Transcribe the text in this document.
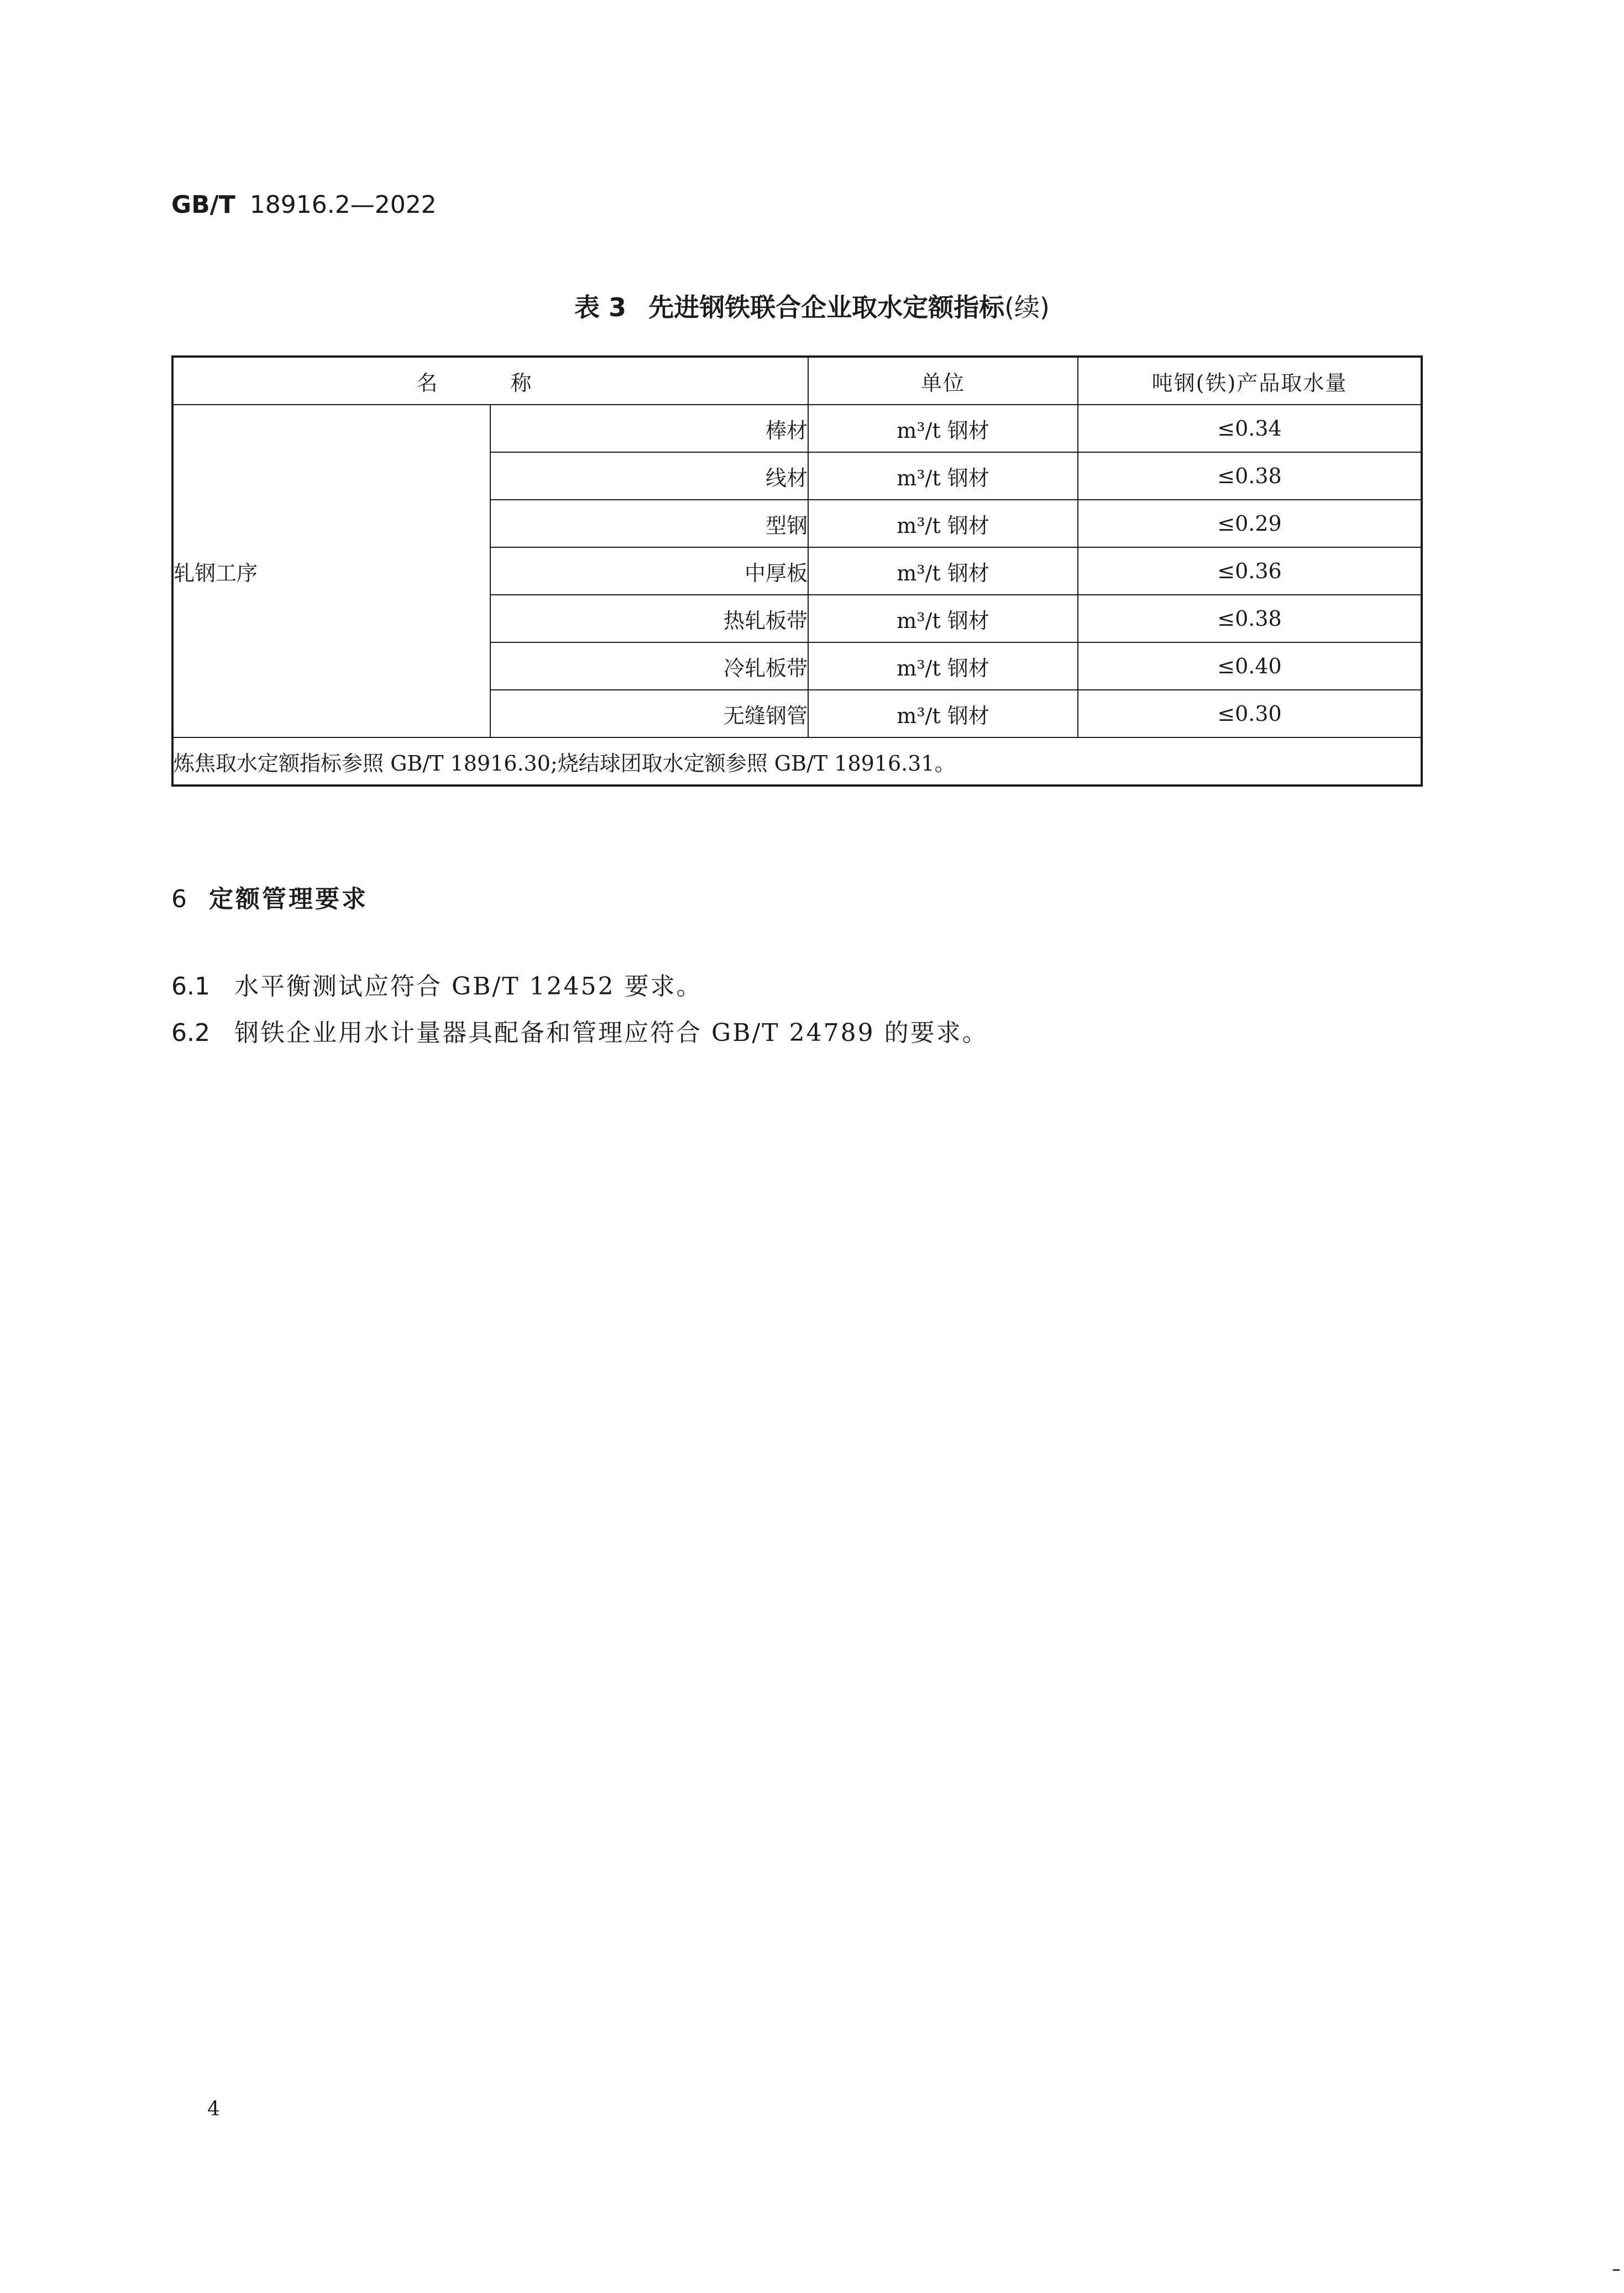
GB/T 18916.2—2022
表 3 先进钢铁联合企业取水定额指标(续)
名 称		单位	吨钢(铁)产品取水量
轧钢工序	棒材	m³/t 钢材	≤0.34
	线材	m³/t 钢材	≤0.38
	型钢	m³/t 钢材	≤0.29
	中厚板	m³/t 钢材	≤0.36
	热轧板带	m³/t 钢材	≤0.38
	冷轧板带	m³/t 钢材	≤0.40
	无缝钢管	m³/t 钢材	≤0.30
炼焦取水定额指标参照 GB/T 18916.30;烧结球团取水定额参照 GB/T 18916.31。			
6 定额管理要求
6.1 水平衡测试应符合 GB/T 12452 要求。
6.2 钢铁企业用水计量器具配备和管理应符合 GB/T 24789 的要求。
4
